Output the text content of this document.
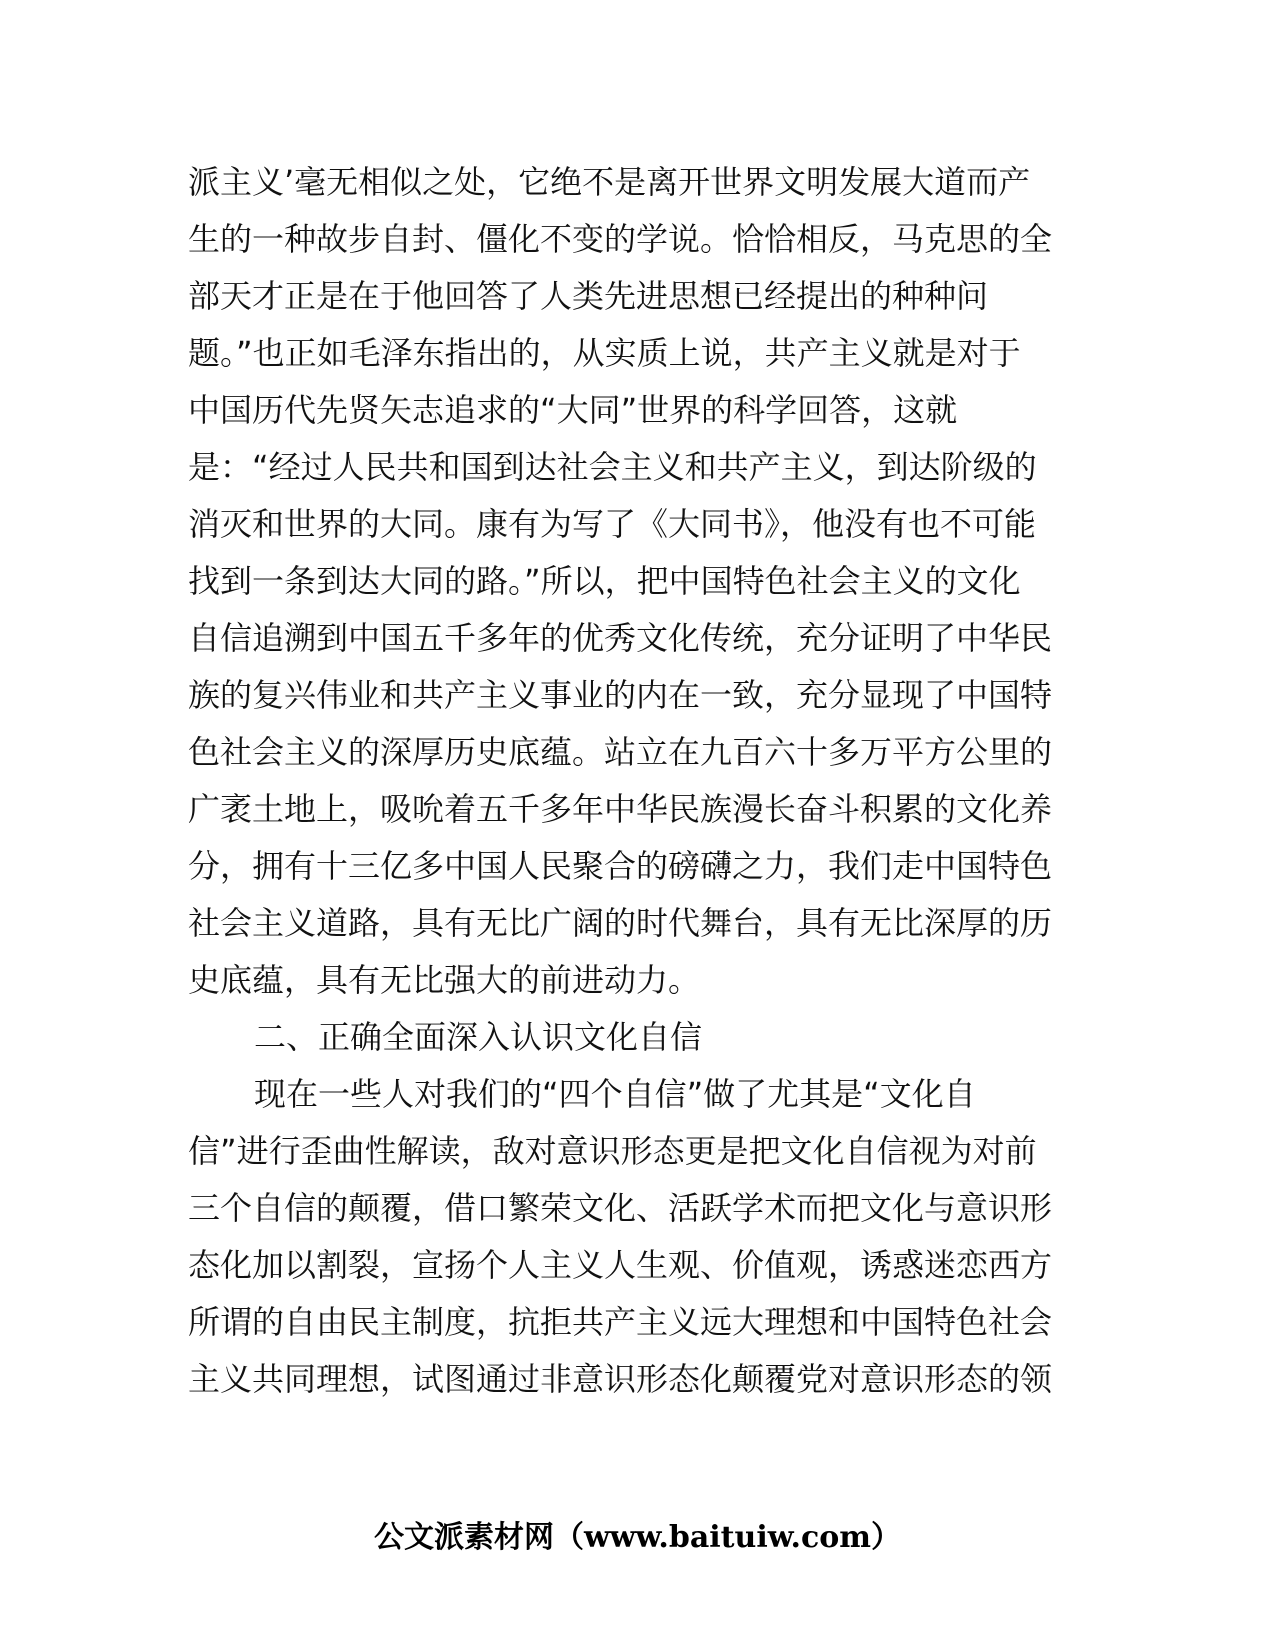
派主义’毫无相似之处，它绝不是离开世界文明发展大道而产
生的一种故步自封、僵化不变的学说。恰恰相反，马克思的全
部天才正是在于他回答了人类先进思想已经提出的种种问
题。”也正如毛泽东指出的，从实质上说，共产主义就是对于
中国历代先贤矢志追求的“大同”世界的科学回答，这就
是：“经过人民共和国到达社会主义和共产主义，到达阶级的
消灭和世界的大同。康有为写了《大同书》，他没有也不可能
找到一条到达大同的路。”所以，把中国特色社会主义的文化
自信追溯到中国五千多年的优秀文化传统，充分证明了中华民
族的复兴伟业和共产主义事业的内在一致，充分显现了中国特
色社会主义的深厚历史底蕴。站立在九百六十多万平方公里的
广袤土地上，吸吮着五千多年中华民族漫长奋斗积累的文化养
分，拥有十三亿多中国人民聚合的磅礴之力，我们走中国特色
社会主义道路，具有无比广阔的时代舞台，具有无比深厚的历
史底蕴，具有无比强大的前进动力。
二、正确全面深入认识文化自信
现在一些人对我们的“四个自信”做了尤其是“文化自
信”进行歪曲性解读，敌对意识形态更是把文化自信视为对前
三个自信的颠覆，借口繁荣文化、活跃学术而把文化与意识形
态化加以割裂，宣扬个人主义人生观、价值观，诱惑迷恋西方
所谓的自由民主制度，抗拒共产主义远大理想和中国特色社会
主义共同理想，试图通过非意识形态化颠覆党对意识形态的领
公文派素材网（www.baituiw.com）
